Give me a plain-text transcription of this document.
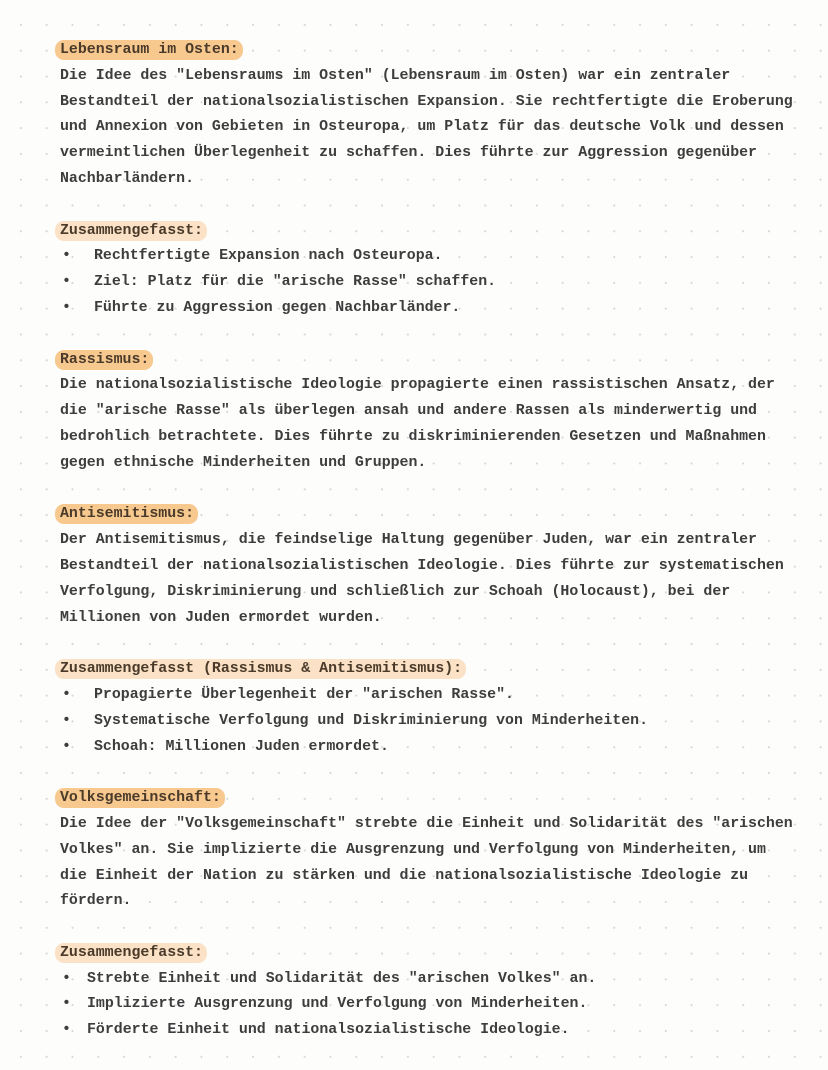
Lebensraum im Osten:
Die Idee des "Lebensraums im Osten" (Lebensraum im Osten) war ein zentraler
Bestandteil der nationalsozialistischen Expansion. Sie rechtfertigte die Eroberung
und Annexion von Gebieten in Osteuropa, um Platz für das deutsche Volk und dessen
vermeintlichen Überlegenheit zu schaffen. Dies führte zur Aggression gegenüber
Nachbarländern.
Zusammengefasst:
• Rechtfertigte Expansion nach Osteuropa.
• Ziel: Platz für die "arische Rasse" schaffen.
• Führte zu Aggression gegen Nachbarländer.
Rassismus:
Die nationalsozialistische Ideologie propagierte einen rassistischen Ansatz, der
die "arische Rasse" als überlegen ansah und andere Rassen als minderwertig und
bedrohlich betrachtete. Dies führte zu diskriminierenden Gesetzen und Maßnahmen
gegen ethnische Minderheiten und Gruppen.
Antisemitismus:
Der Antisemitismus, die feindselige Haltung gegenüber Juden, war ein zentraler
Bestandteil der nationalsozialistischen Ideologie. Dies führte zur systematischen
Verfolgung, Diskriminierung und schließlich zur Schoah (Holocaust), bei der
Millionen von Juden ermordet wurden.
Zusammengefasst (Rassismus & Antisemitismus):
• Propagierte Überlegenheit der "arischen Rasse".
• Systematische Verfolgung und Diskriminierung von Minderheiten.
• Schoah: Millionen Juden ermordet.
Volksgemeinschaft:
Die Idee der "Volksgemeinschaft" strebte die Einheit und Solidarität des "arischen
Volkes" an. Sie implizierte die Ausgrenzung und Verfolgung von Minderheiten, um
die Einheit der Nation zu stärken und die nationalsozialistische Ideologie zu
fördern.
Zusammengefasst:
• Strebte Einheit und Solidarität des "arischen Volkes" an.
• Implizierte Ausgrenzung und Verfolgung von Minderheiten.
• Förderte Einheit und nationalsozialistische Ideologie.
